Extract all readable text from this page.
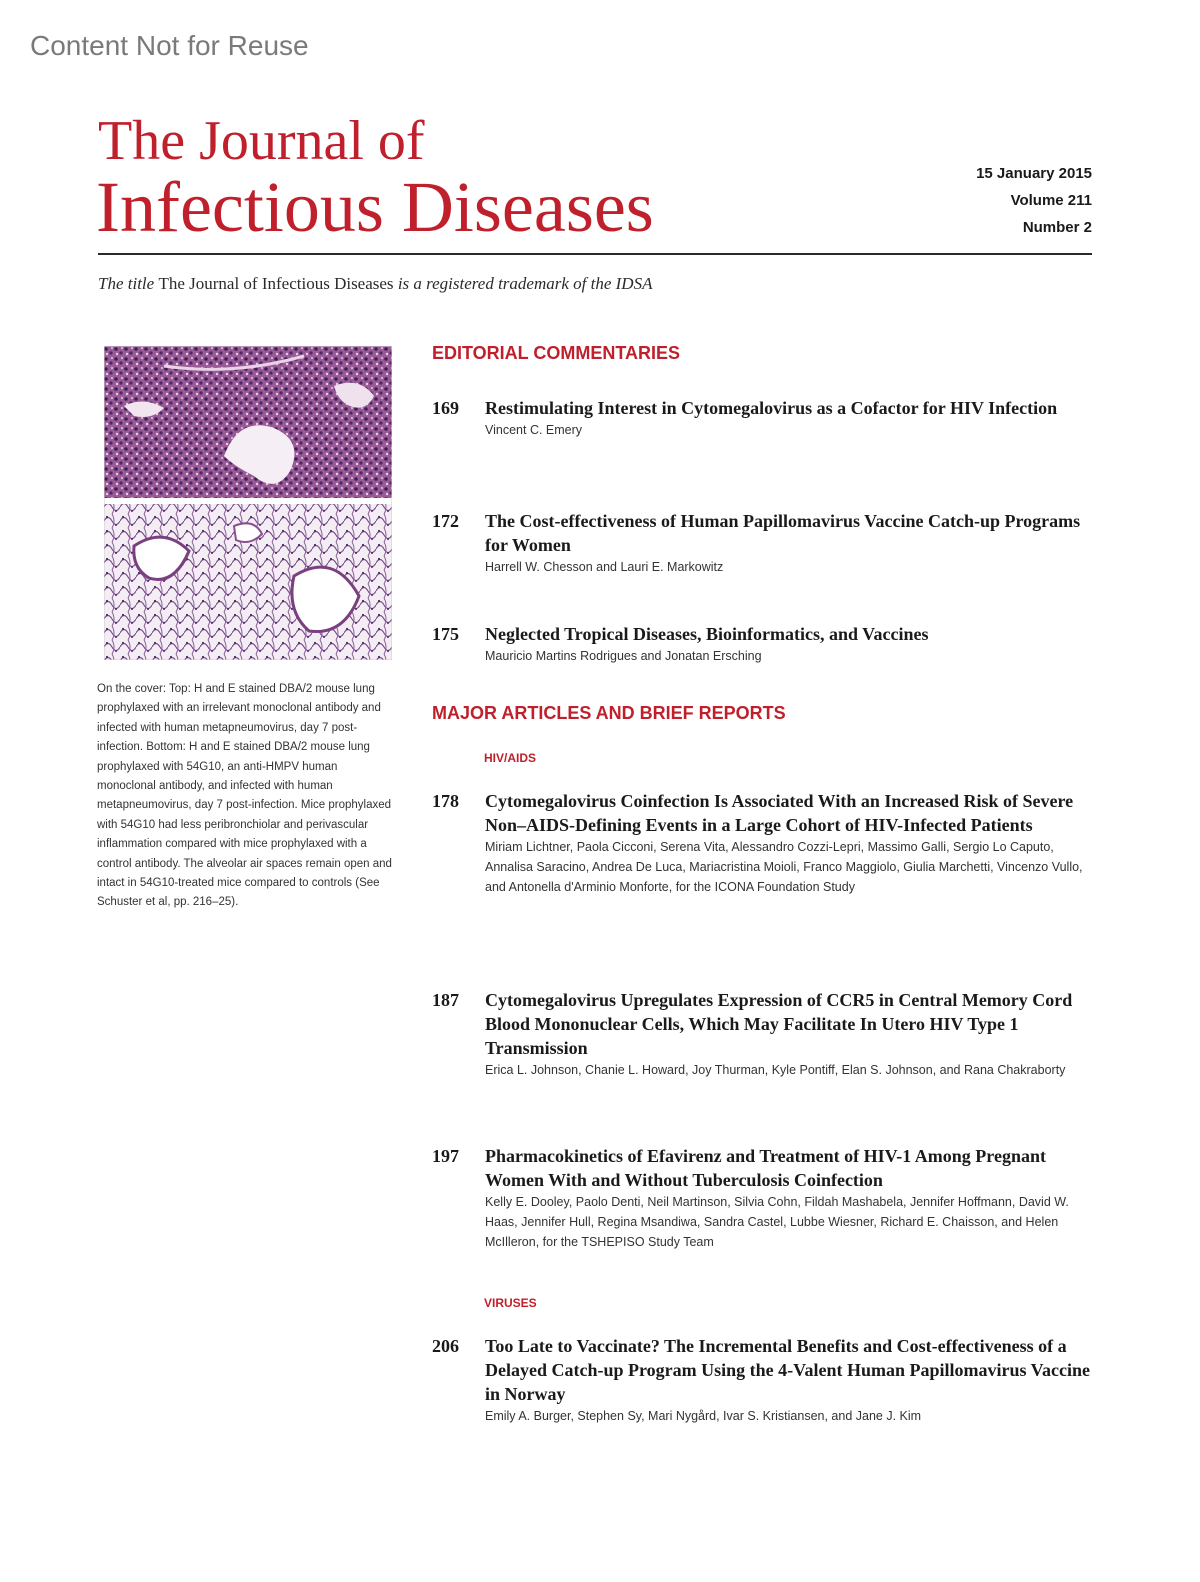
Content Not for Reuse
The Journal of
Infectious Diseases	15 January 2015
Volume 211
Number 2
The title The Journal of Infectious Diseases is a registered trademark of the IDSA
On the cover: Top: H and E stained DBA/2 mouse lung prophylaxed with an irrelevant monoclonal antibody and infected with human metapneumovirus, day 7 post-infection. Bottom: H and E stained DBA/2 mouse lung prophylaxed with 54G10, an anti-HMPV human monoclonal antibody, and infected with human metapneumovirus, day 7 post-infection. Mice prophylaxed with 54G10 had less peribronchiolar and perivascular inflammation compared with mice prophylaxed with a control antibody. The alveolar air spaces remain open and intact in 54G10-treated mice compared to controls (See Schuster et al, pp. 216–25).
EDITORIAL COMMENTARIES
169 Restimulating Interest in Cytomegalovirus as a Cofactor for HIV Infection
Vincent C. Emery
172 The Cost-effectiveness of Human Papillomavirus Vaccine Catch-up Programs for Women
Harrell W. Chesson and Lauri E. Markowitz
175 Neglected Tropical Diseases, Bioinformatics, and Vaccines
Mauricio Martins Rodrigues and Jonatan Ersching
MAJOR ARTICLES AND BRIEF REPORTS
HIV/AIDS
178 Cytomegalovirus Coinfection Is Associated With an Increased Risk of Severe Non–AIDS-Defining Events in a Large Cohort of HIV-Infected Patients
Miriam Lichtner, Paola Cicconi, Serena Vita, Alessandro Cozzi-Lepri, Massimo Galli, Sergio Lo Caputo, Annalisa Saracino, Andrea De Luca, Mariacristina Moioli, Franco Maggiolo, Giulia Marchetti, Vincenzo Vullo, and Antonella d'Arminio Monforte, for the ICONA Foundation Study
187 Cytomegalovirus Upregulates Expression of CCR5 in Central Memory Cord Blood Mononuclear Cells, Which May Facilitate In Utero HIV Type 1 Transmission
Erica L. Johnson, Chanie L. Howard, Joy Thurman, Kyle Pontiff, Elan S. Johnson, and Rana Chakraborty
197 Pharmacokinetics of Efavirenz and Treatment of HIV-1 Among Pregnant Women With and Without Tuberculosis Coinfection
Kelly E. Dooley, Paolo Denti, Neil Martinson, Silvia Cohn, Fildah Mashabela, Jennifer Hoffmann, David W. Haas, Jennifer Hull, Regina Msandiwa, Sandra Castel, Lubbe Wiesner, Richard E. Chaisson, and Helen McIlleron, for the TSHEPISO Study Team
VIRUSES
206 Too Late to Vaccinate? The Incremental Benefits and Cost-effectiveness of a Delayed Catch-up Program Using the 4-Valent Human Papillomavirus Vaccine in Norway
Emily A. Burger, Stephen Sy, Mari Nygård, Ivar S. Kristiansen, and Jane J. Kim
